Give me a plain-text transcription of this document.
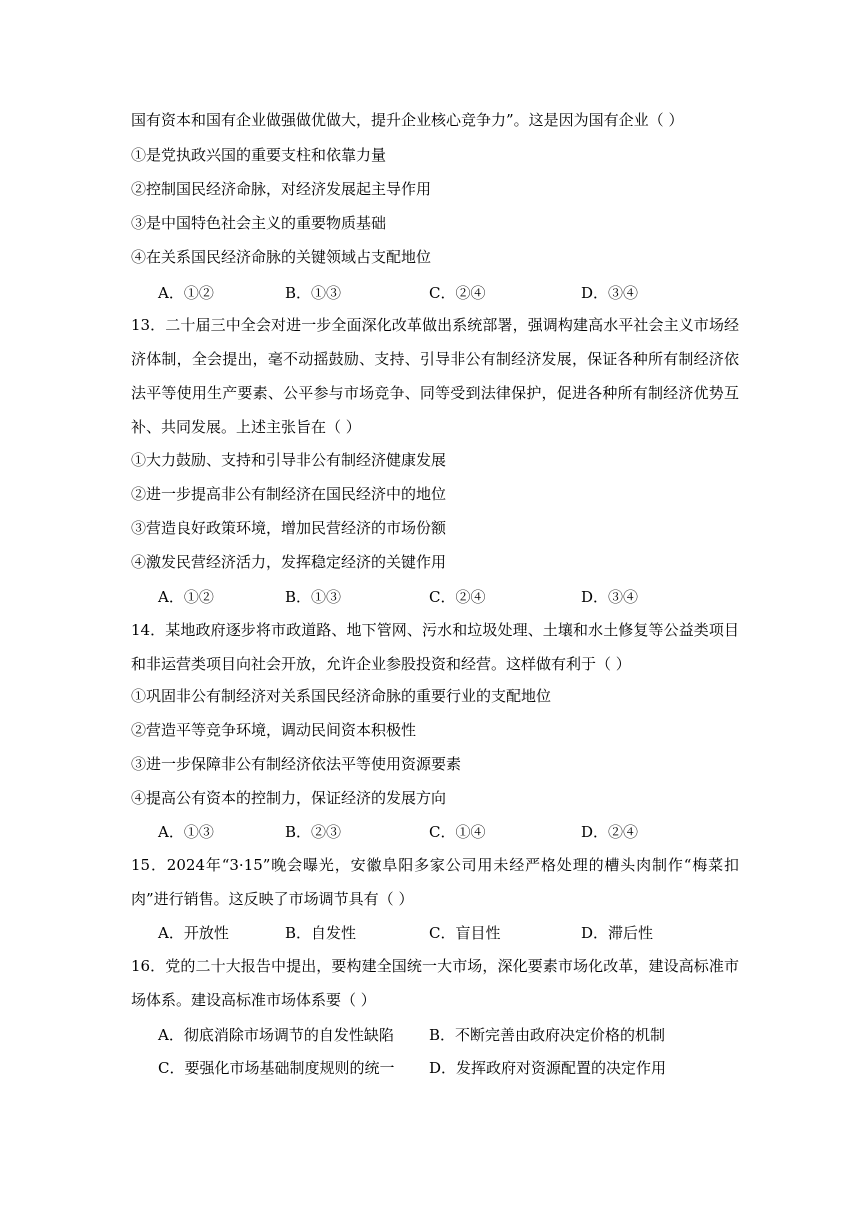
国有资本和国有企业做强做优做大，提升企业核心竞争力”。这是因为国有企业（ ）
①是党执政兴国的重要支柱和依靠力量
②控制国民经济命脉，对经济发展起主导作用
③是中国特色社会主义的重要物质基础
④在关系国民经济命脉的关键领域占支配地位
A．①②	B．①③	C．②④	D．③④
13．二十届三中全会对进一步全面深化改革做出系统部署，强调构建高水平社会主义市场经济体制，全会提出，毫不动摇鼓励、支持、引导非公有制经济发展，保证各种所有制经济依法平等使用生产要素、公平参与市场竞争、同等受到法律保护，促进各种所有制经济优势互补、共同发展。上述主张旨在（ ）
①大力鼓励、支持和引导非公有制经济健康发展
②进一步提高非公有制经济在国民经济中的地位
③营造良好政策环境，增加民营经济的市场份额
④激发民营经济活力，发挥稳定经济的关键作用
A．①②	B．①③	C．②④	D．③④
14．某地政府逐步将市政道路、地下管网、污水和垃圾处理、土壤和水土修复等公益类项目和非运营类项目向社会开放，允许企业参股投资和经营。这样做有利于（ ）
①巩固非公有制经济对关系国民经济命脉的重要行业的支配地位
②营造平等竞争环境，调动民间资本积极性
③进一步保障非公有制经济依法平等使用资源要素
④提高公有资本的控制力，保证经济的发展方向
A．①③	B．②③	C．①④	D．②④
15．2024年“3·15”晚会曝光，安徽阜阳多家公司用未经严格处理的槽头肉制作“梅菜扣肉”进行销售。这反映了市场调节具有（ ）
A．开放性	B．自发性	C．盲目性	D．滞后性
16．党的二十大报告中提出，要构建全国统一大市场，深化要素市场化改革，建设高标准市场体系。建设高标准市场体系要（ ）
A．彻底消除市场调节的自发性缺陷 B．不断完善由政府决定价格的机制
C．要强化市场基础制度规则的统一 D．发挥政府对资源配置的决定作用
